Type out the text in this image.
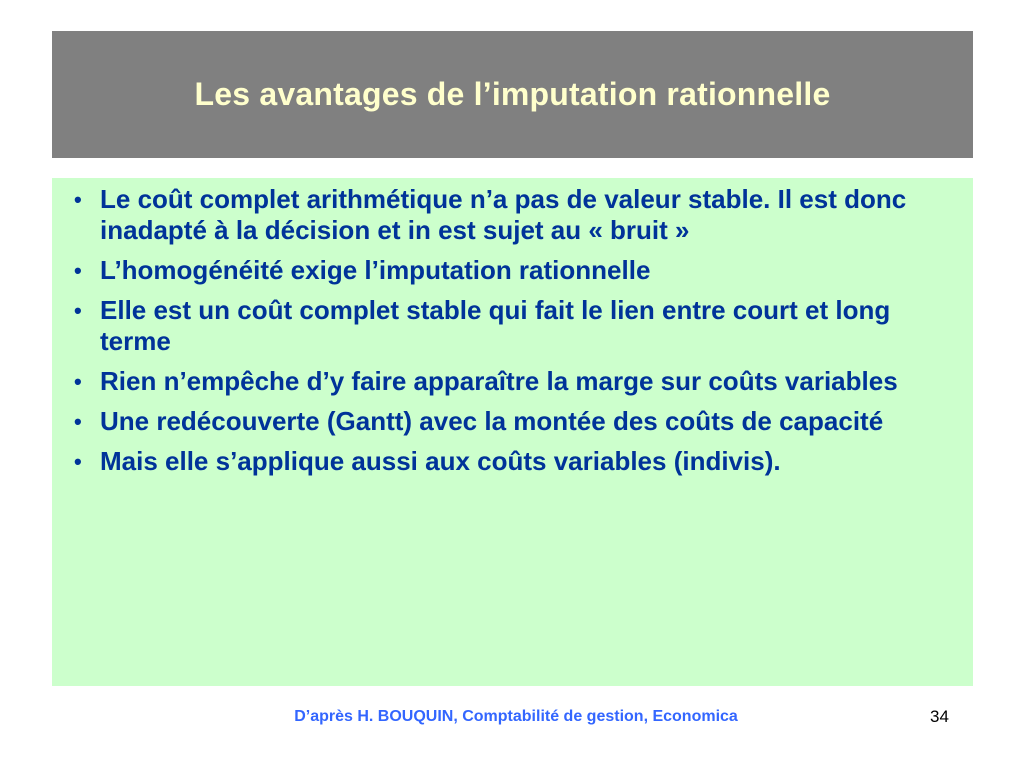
Les avantages de l’imputation rationnelle
• Le coût complet arithmétique n’a pas de valeur stable. Il est donc inadapté à la décision et in est sujet au « bruit »
• L’homogénéité exige l’imputation rationnelle
• Elle est un coût complet stable qui fait le lien entre court et long terme
• Rien n’empêche d’y faire apparaître la marge sur coûts variables
• Une redécouverte (Gantt) avec la montée des coûts de capacité
• Mais elle s’applique aussi aux coûts variables (indivis).
D’après H. BOUQUIN, Comptabilité de gestion, Economica	34
